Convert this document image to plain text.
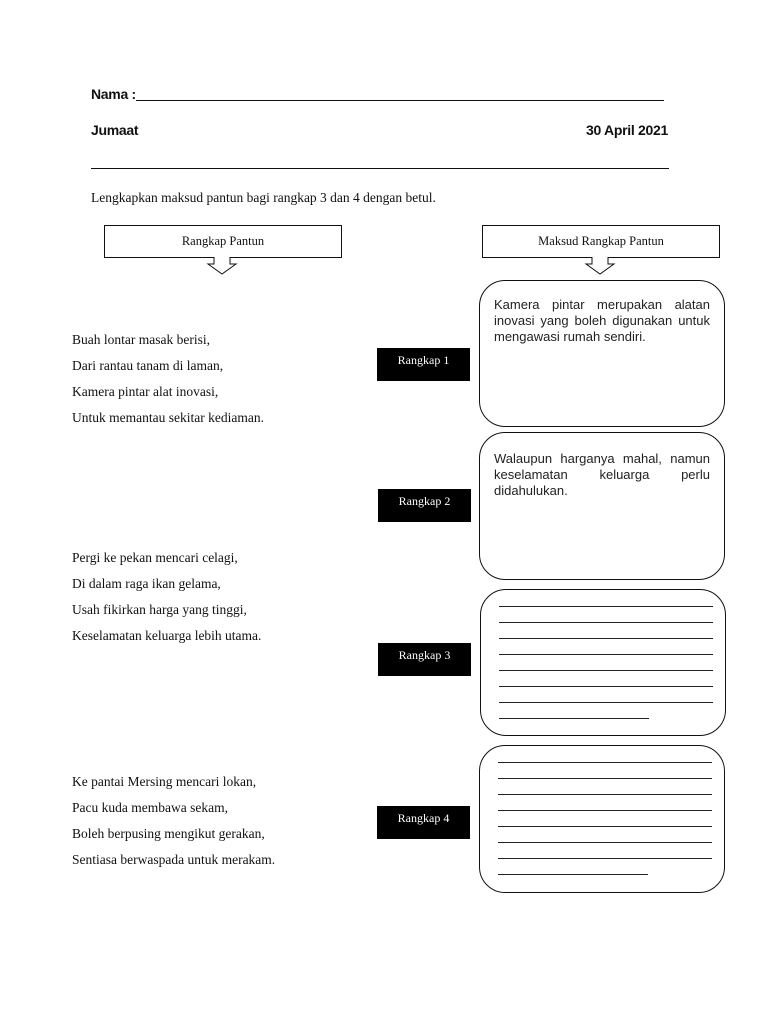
Nama :
Jumaat	30 April 2021
Lengkapkan maksud pantun bagi rangkap 3 dan 4 dengan betul.
Rangkap Pantun	Maksud Rangkap Pantun
Buah lontar masak berisi,
Dari rantau tanam di laman,
Kamera pintar alat inovasi,
Untuk memantau sekitar kediaman.
Rangkap 1
Kamera pintar merupakan alatan inovasi yang boleh digunakan untuk mengawasi rumah sendiri.
Pergi ke pekan mencari celagi,
Di dalam raga ikan gelama,
Usah fikirkan harga yang tinggi,
Keselamatan keluarga lebih utama.
Rangkap 2
Walaupun harganya mahal, namun keselamatan keluarga perlu didahulukan.
Rangkap 3
Ke pantai Mersing mencari lokan,
Pacu kuda membawa sekam,
Boleh berpusing mengikut gerakan,
Sentiasa berwaspada untuk merakam.
Rangkap 4
